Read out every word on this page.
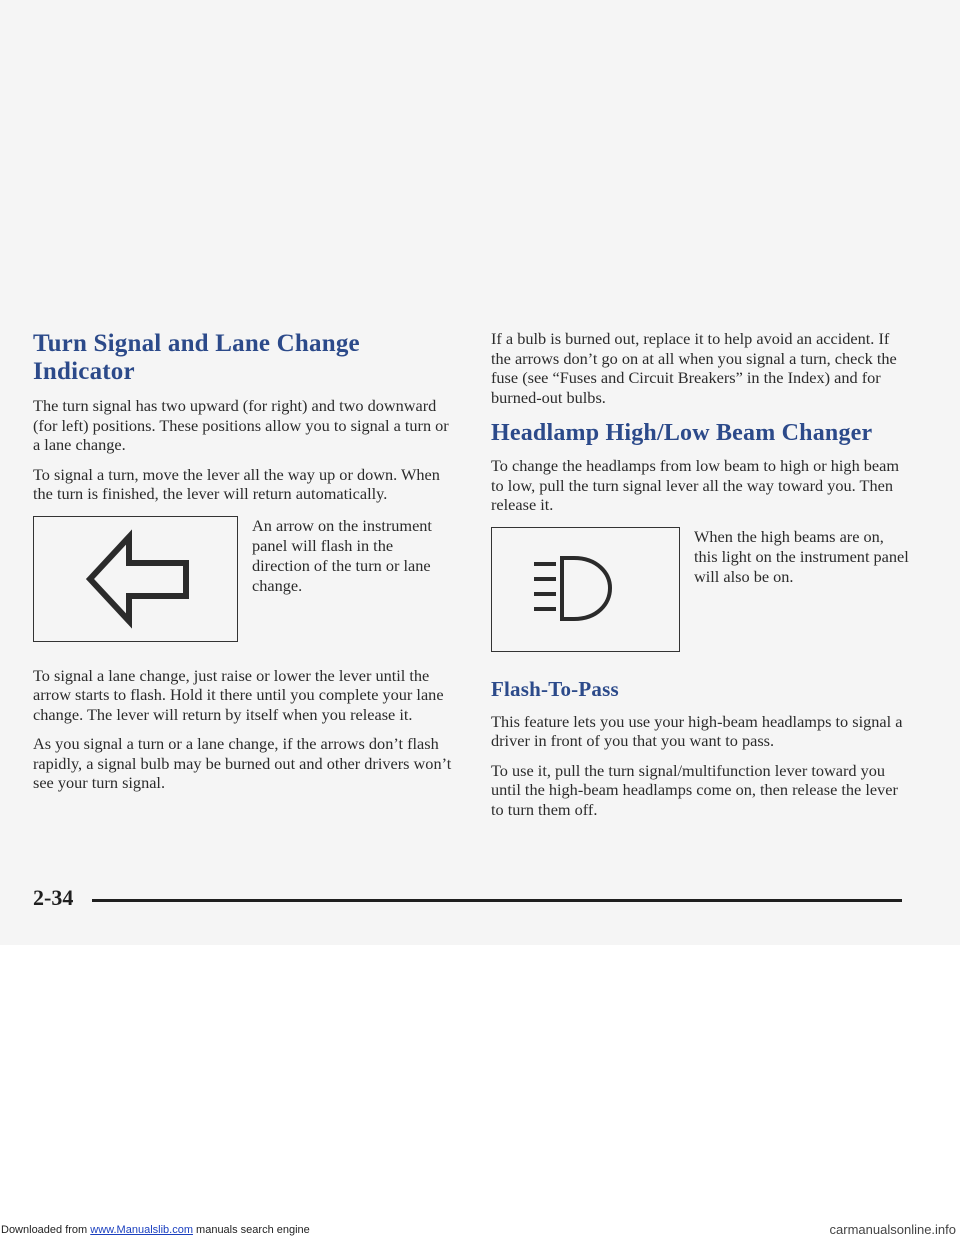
Turn Signal and Lane Change Indicator

The turn signal has two upward (for right) and two downward (for left) positions. These positions allow you to signal a turn or a lane change.

To signal a turn, move the lever all the way up or down. When the turn is finished, the lever will return automatically.

An arrow on the instrument panel will flash in the direction of the turn or lane change.

To signal a lane change, just raise or lower the lever until the arrow starts to flash. Hold it there until you complete your lane change. The lever will return by itself when you release it.

As you signal a turn or a lane change, if the arrows don’t flash rapidly, a signal bulb may be burned out and other drivers won’t see your turn signal.

If a bulb is burned out, replace it to help avoid an accident. If the arrows don’t go on at all when you signal a turn, check the fuse (see “Fuses and Circuit Breakers” in the Index) and for burned-out bulbs.

Headlamp High/Low Beam Changer

To change the headlamps from low beam to high or high beam to low, pull the turn signal lever all the way toward you. Then release it.

When the high beams are on, this light on the instrument panel will also be on.
Flash-To-Pass

This feature lets you use your high-beam headlamps to signal a driver in front of you that you want to pass.

To use it, pull the turn signal/multifunction lever toward you until the high-beam headlamps come on, then release the lever to turn them off.

2-34
Downloaded from www.Manualslib.com manuals search engine	carmanualsonline.info
